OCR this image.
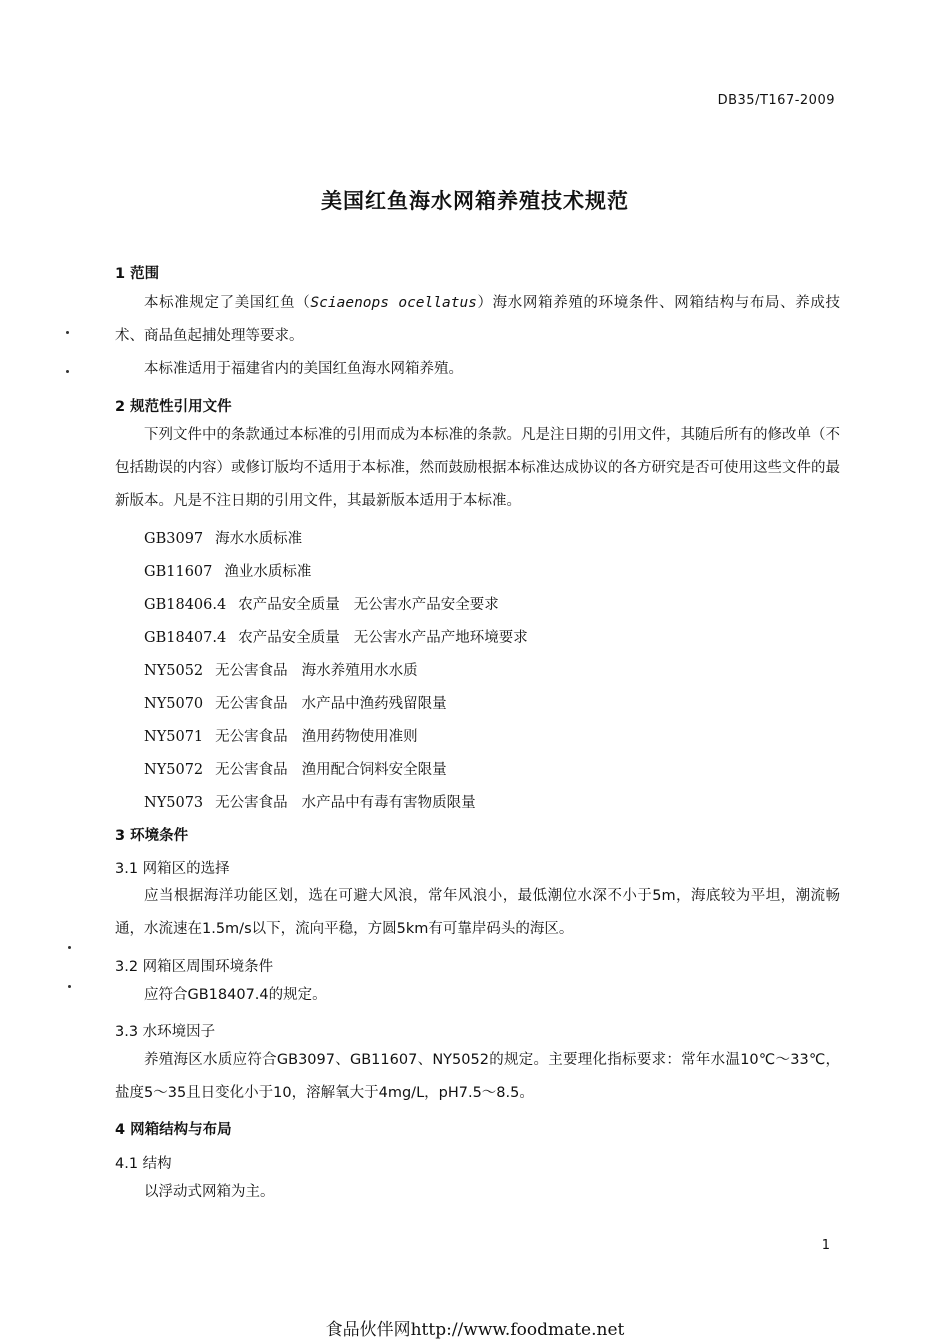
DB35/T167-2009
美国红鱼海水网箱养殖技术规范
1 范围
本标准规定了美国红鱼（Sciaenops ocellatus）海水网箱养殖的环境条件、网箱结构与布局、养成技术、商品鱼起捕处理等要求。
本标准适用于福建省内的美国红鱼海水网箱养殖。
2 规范性引用文件
下列文件中的条款通过本标准的引用而成为本标准的条款。凡是注日期的引用文件，其随后所有的修改单（不包括勘误的内容）或修订版均不适用于本标准，然而鼓励根据本标准达成协议的各方研究是否可使用这些文件的最新版本。凡是不注日期的引用文件，其最新版本适用于本标准。
GB3097 海水水质标准
GB11607 渔业水质标准
GB18406.4 农产品安全质量 无公害水产品安全要求
GB18407.4 农产品安全质量 无公害水产品产地环境要求
NY5052 无公害食品 海水养殖用水水质
NY5070 无公害食品 水产品中渔药残留限量
NY5071 无公害食品 渔用药物使用准则
NY5072 无公害食品 渔用配合饲料安全限量
NY5073 无公害食品 水产品中有毒有害物质限量
3 环境条件
3.1 网箱区的选择
应当根据海洋功能区划，选在可避大风浪，常年风浪小，最低潮位水深不小于5m，海底较为平坦，潮流畅通，水流速在1.5m/s以下，流向平稳，方圆5km有可靠岸码头的海区。
3.2 网箱区周围环境条件
应符合GB18407.4的规定。
3.3 水环境因子
养殖海区水质应符合GB3097、GB11607、NY5052的规定。主要理化指标要求：常年水温10℃～33℃，盐度5～35且日变化小于10，溶解氧大于4mg/L，pH7.5～8.5。
4 网箱结构与布局
4.1 结构
以浮动式网箱为主。
1
食品伙伴网http://www.foodmate.net
